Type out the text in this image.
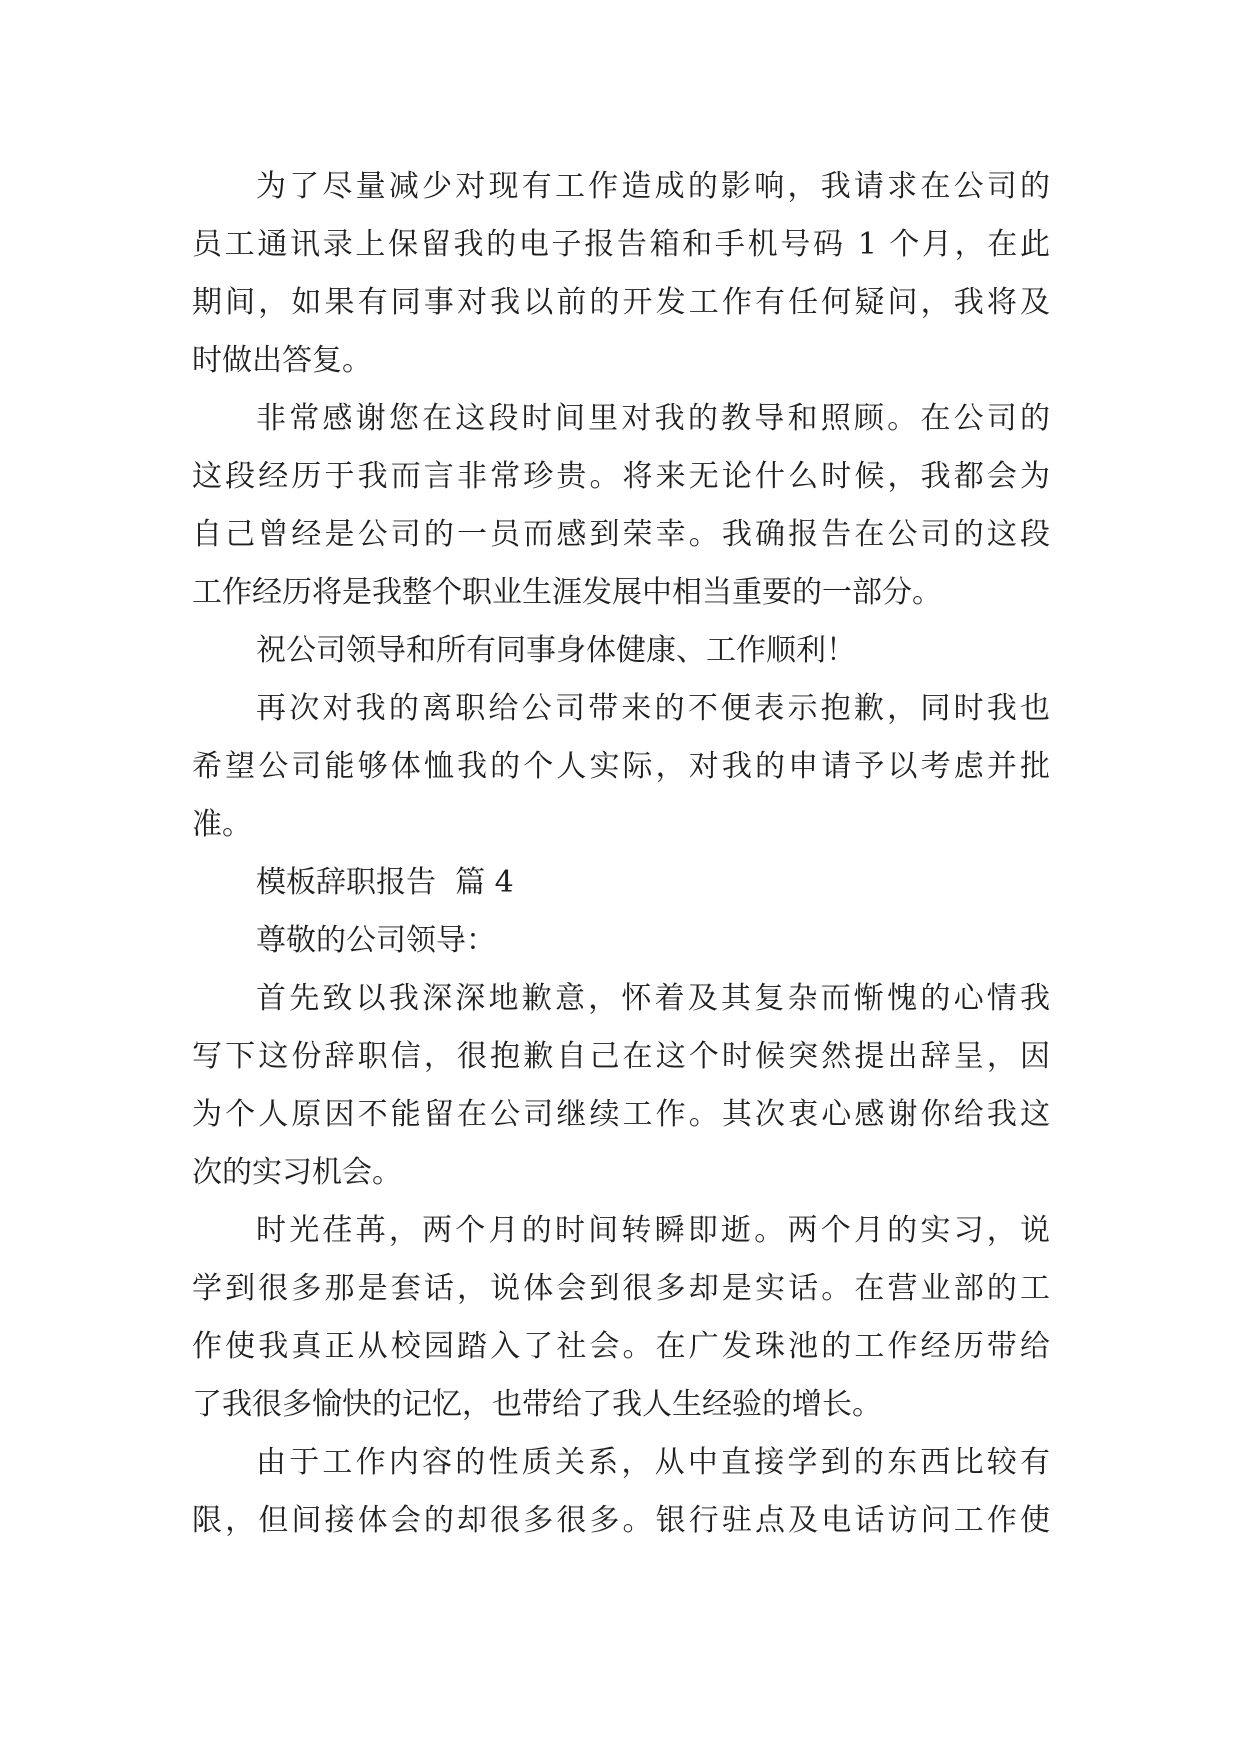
为了尽量减少对现有工作造成的影响，我请求在公司的
员工通讯录上保留我的电子报告箱和手机号码 1 个月，在此
期间，如果有同事对我以前的开发工作有任何疑问，我将及
时做出答复。
非常感谢您在这段时间里对我的教导和照顾。在公司的
这段经历于我而言非常珍贵。将来无论什么时候，我都会为
自己曾经是公司的一员而感到荣幸。我确报告在公司的这段
工作经历将是我整个职业生涯发展中相当重要的一部分。
祝公司领导和所有同事身体健康、工作顺利！
再次对我的离职给公司带来的不便表示抱歉，同时我也
希望公司能够体恤我的个人实际，对我的申请予以考虑并批
准。
模板辞职报告  篇 4
尊敬的公司领导：
首先致以我深深地歉意，怀着及其复杂而惭愧的心情我
写下这份辞职信，很抱歉自己在这个时候突然提出辞呈，因
为个人原因不能留在公司继续工作。其次衷心感谢你给我这
次的实习机会。
时光荏苒，两个月的时间转瞬即逝。两个月的实习，说
学到很多那是套话，说体会到很多却是实话。在营业部的工
作使我真正从校园踏入了社会。在广发珠池的工作经历带给
了我很多愉快的记忆，也带给了我人生经验的增长。
由于工作内容的性质关系，从中直接学到的东西比较有
限，但间接体会的却很多很多。银行驻点及电话访问工作使
